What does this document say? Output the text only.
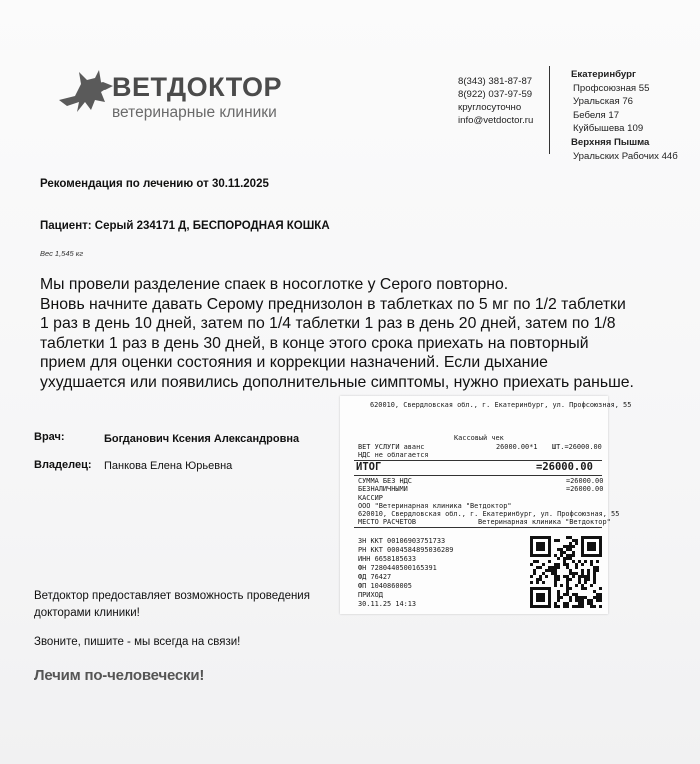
ВЕТДОКТОР
ветеринарные клиники
8(343) 381-87-87
8(922) 037-97-59
круглосуточно
info@vetdoctor.ru
Екатеринбург
Профсоюзная 55
Уральская 76
Бебеля 17
Куйбышева 109
Верхняя Пышма
Уральских Рабочих 44б
Рекомендация по лечению от 30.11.2025
Пациент: Серый 234171 Д, БЕСПОРОДНАЯ КОШКА
Вес 1,545 кг
Мы провели разделение спаек в носоглотке у Серого повторно.
Вновь начните давать Серому преднизолон в таблетках по 5 мг по 1/2 таблетки
1 раз в день 10 дней, затем по 1/4 таблетки 1 раз в день 20 дней, затем по 1/8
таблетки 1 раз в день 30 дней, в конце этого срока приехать на повторный
прием для оценки состояния и коррекции назначений. Если дыхание
ухудшается или появились дополнительные симптомы, нужно приехать раньше.
Врач:	Богданович Ксения Александровна
Владелец: Панкова Елена Юрьевна
Ветдоктор предоставляет возможность проведения
докторами клиники!
Звоните, пишите - мы всегда на связи!
Лечим по-человечески!
620010, Свердловская обл., г. Екатеринбург, ул. Профсоюзная, 55
Кассовый чек
ВЕТ УСЛУГИ аванс	26000.00*1 ШТ.=26000.00
НДС не облагается
ИТОГ	=26000.00
СУММА БЕЗ НДС	=26000.00
БЕЗНАЛИЧНЫМИ	=26000.00
КАССИР
ООО "Ветеринарная клиника "Ветдоктор"
620010, Свердловская обл., г. Екатеринбург, ул. Профсоюзная, 55
МЕСТО РАСЧЕТОВ	Ветеринарная клиника "Ветдоктор"
ЗН ККТ 00106903751733
РН ККТ 0004584895036289
ИНН 6658185633
ФН 7280440500165391
ФД 76427
ФП 1040860005
ПРИХОД
30.11.25 14:13
